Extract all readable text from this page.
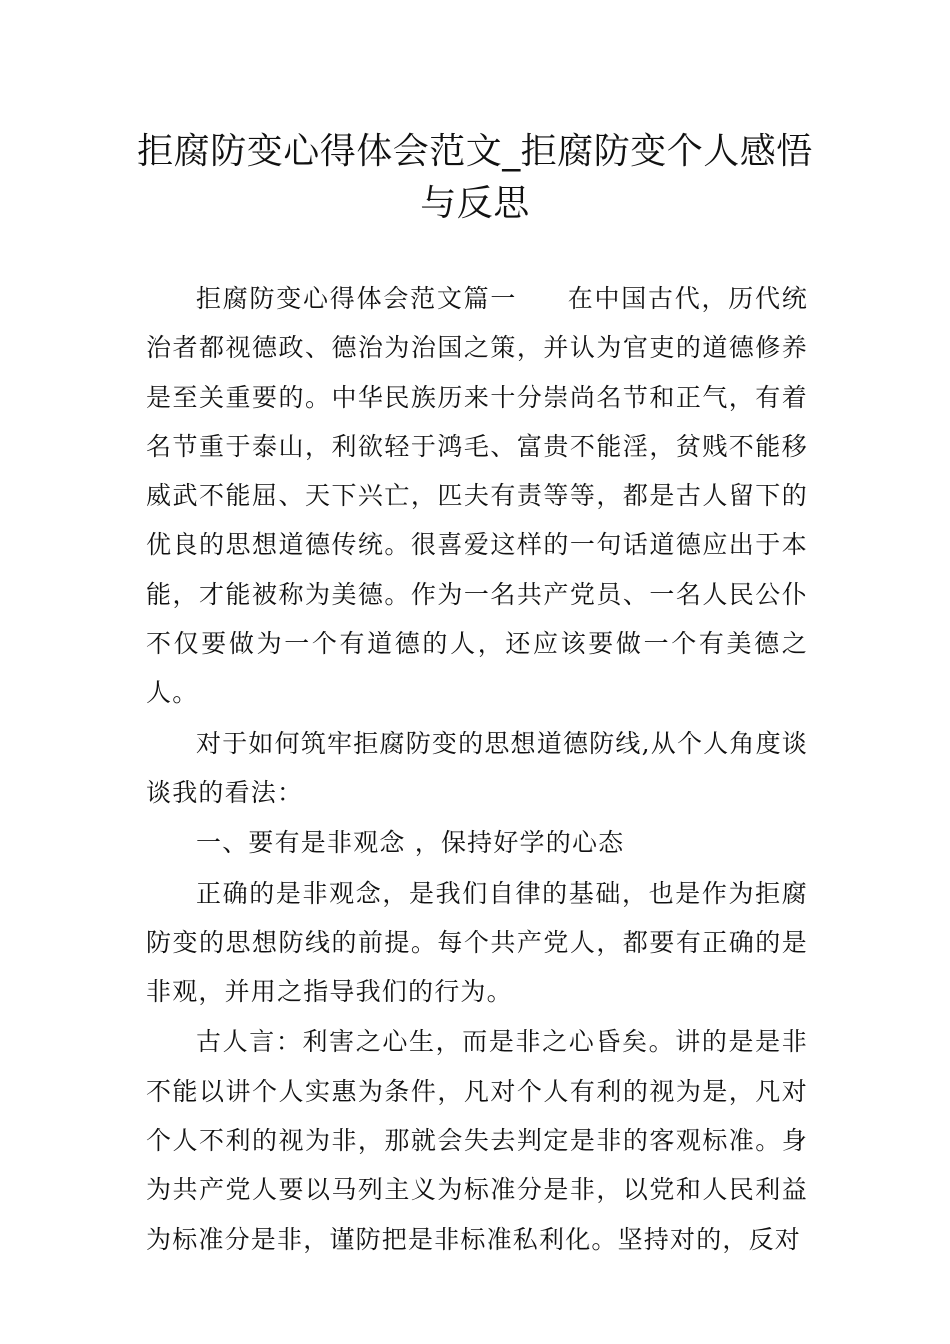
拒腐防变心得体会范文_拒腐防变个人感悟与反思

拒腐防变心得体会范文篇一 在中国古代，历代统治者都视德政、德治为治国之策，并认为官吏的道德修养是至关重要的。中华民族历来十分崇尚名节和正气，有着名节重于泰山，利欲轻于鸿毛、富贵不能淫，贫贱不能移威武不能屈、天下兴亡，匹夫有责等等，都是古人留下的优良的思想道德传统。很喜爱这样的一句话道德应出于本能，才能被称为美德。作为一名共产党员、一名人民公仆不仅要做为一个有道德的人，还应该要做一个有美德之人。

对于如何筑牢拒腐防变的思想道德防线,从个人角度谈谈我的看法：

一、要有是非观念 ，保持好学的心态

正确的是非观念，是我们自律的基础，也是作为拒腐防变的思想防线的前提。每个共产党人，都要有正确的是非观，并用之指导我们的行为。

古人言：利害之心生，而是非之心昏矣。讲的是是非不能以讲个人实惠为条件，凡对个人有利的视为是，凡对个人不利的视为非，那就会失去判定是非的客观标准。身为共产党人要以马列主义为标准分是非，以党和人民利益为标准分是非，谨防把是非标准私利化。坚持对的，反对
